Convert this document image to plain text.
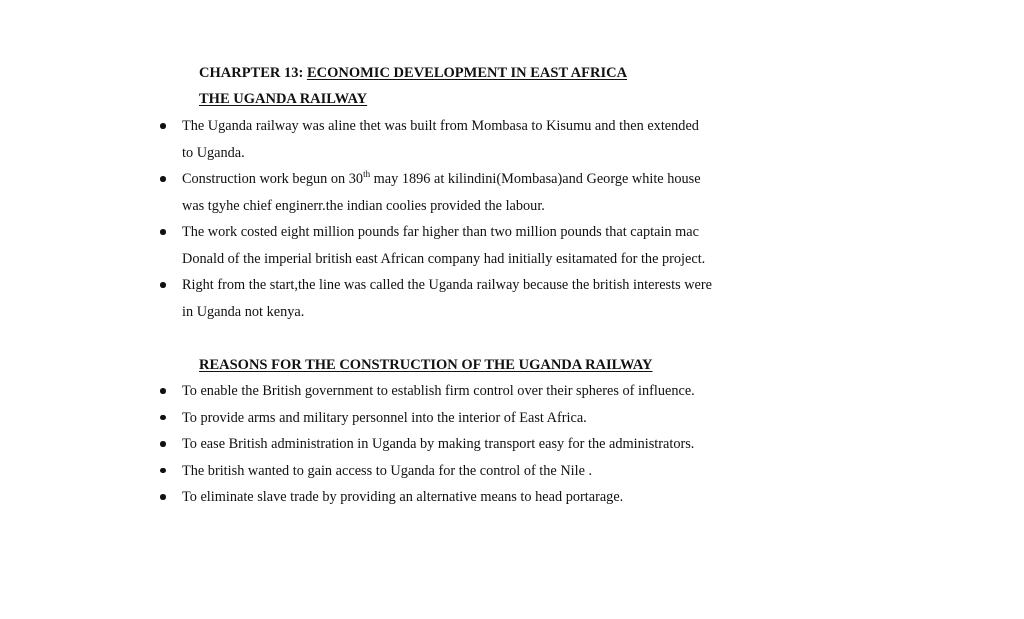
CHARPTER 13: ECONOMIC DEVELOPMENT IN EAST AFRICA
THE UGANDA RAILWAY
The Uganda railway was aline thet was built from Mombasa to Kisumu and then extended
to Uganda.
Construction work begun on 30th may 1896 at kilindini(Mombasa)and George white house
was tgyhe chief enginerr.the indian coolies provided the labour.
The work costed eight million pounds far higher than two million pounds that captain mac
Donald of the imperial british east African company had initially esitamated for the project.
Right from the start,the line was called the Uganda railway because the british interests were
in Uganda not kenya.
REASONS FOR THE CONSTRUCTION OF THE UGANDA RAILWAY
To enable the British government to establish firm control over their spheres of influence.
To provide arms and military personnel into the interior of East Africa.
To ease British administration in Uganda by making transport easy for the administrators.
The british wanted to gain access to Uganda for the control of the Nile .
To eliminate slave trade by providing an alternative means to head portarage.
